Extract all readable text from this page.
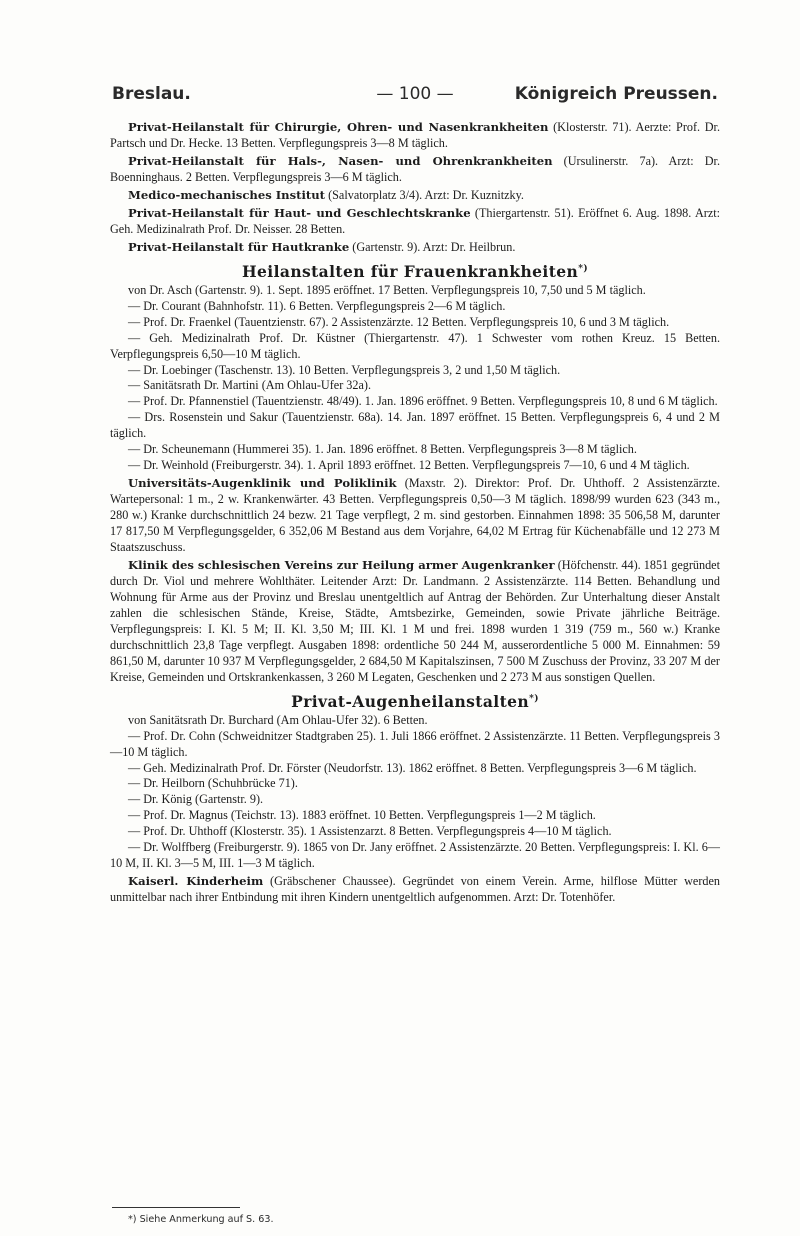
Breslau.	— 100 —	Königreich Preussen.

Privat-Heilanstalt für Chirurgie, Ohren- und Nasenkrankheiten (Klosterstr. 71). Aerzte: Prof. Dr. Partsch und Dr. Hecke. 13 Betten. Verpflegungspreis 3—8 M täglich.

Privat-Heilanstalt für Hals-, Nasen- und Ohrenkrankheiten (Ursulinerstr. 7a). Arzt: Dr. Boenninghaus. 2 Betten. Verpflegungspreis 3—6 M täglich.

Medico-mechanisches Institut (Salvatorplatz 3/4). Arzt: Dr. Kuznitzky.

Privat-Heilanstalt für Haut- und Geschlechtskranke (Thiergartenstr. 51). Eröffnet 6. Aug. 1898. Arzt: Geh. Medizinalrath Prof. Dr. Neisser. 28 Betten.

Privat-Heilanstalt für Hautkranke (Gartenstr. 9). Arzt: Dr. Heilbrun.

Heilanstalten für Frauenkrankheiten*)

von Dr. Asch (Gartenstr. 9). 1. Sept. 1895 eröffnet. 17 Betten. Verpflegungspreis 10, 7,50 und 5 M täglich.

— Dr. Courant (Bahnhofstr. 11). 6 Betten. Verpflegungspreis 2—6 M täglich.

— Prof. Dr. Fraenkel (Tauentzienstr. 67). 2 Assistenzärzte. 12 Betten. Verpflegungspreis 10, 6 und 3 M täglich.

— Geh. Medizinalrath Prof. Dr. Küstner (Thiergartenstr. 47). 1 Schwester vom rothen Kreuz. 15 Betten. Verpflegungspreis 6,50—10 M täglich.

— Dr. Loebinger (Taschenstr. 13). 10 Betten. Verpflegungspreis 3, 2 und 1,50 M täglich.

— Sanitätsrath Dr. Martini (Am Ohlau-Ufer 32a).

— Prof. Dr. Pfannenstiel (Tauentzienstr. 48/49). 1. Jan. 1896 eröffnet. 9 Betten. Verpflegungspreis 10, 8 und 6 M täglich.

— Drs. Rosenstein und Sakur (Tauentzienstr. 68a). 14. Jan. 1897 eröffnet. 15 Betten. Verpflegungspreis 6, 4 und 2 M täglich.

— Dr. Scheunemann (Hummerei 35). 1. Jan. 1896 eröffnet. 8 Betten. Verpflegungspreis 3—8 M täglich.

— Dr. Weinhold (Freiburgerstr. 34). 1. April 1893 eröffnet. 12 Betten. Verpflegungspreis 7—10, 6 und 4 M täglich.

Universitäts-Augenklinik und Poliklinik (Maxstr. 2). Direktor: Prof. Dr. Uhthoff. 2 Assistenzärzte. Wartepersonal: 1 m., 2 w. Krankenwärter. 43 Betten. Verpflegungspreis 0,50—3 M täglich. 1898/99 wurden 623 (343 m., 280 w.) Kranke durchschnittlich 24 bezw. 21 Tage verpflegt, 2 m. sind gestorben. Einnahmen 1898: 35 506,58 M, darunter 17 817,50 M Verpflegungsgelder, 6 352,06 M Bestand aus dem Vorjahre, 64,02 M Ertrag für Küchenabfälle und 12 273 M Staatszuschuss.

Klinik des schlesischen Vereins zur Heilung armer Augenkranker (Höfchenstr. 44). 1851 gegründet durch Dr. Viol und mehrere Wohlthäter. Leitender Arzt: Dr. Landmann. 2 Assistenzärzte. 114 Betten. Behandlung und Wohnung für Arme aus der Provinz und Breslau unentgeltlich auf Antrag der Behörden. Zur Unterhaltung dieser Anstalt zahlen die schlesischen Stände, Kreise, Städte, Amtsbezirke, Gemeinden, sowie Private jährliche Beiträge. Verpflegungspreis: I. Kl. 5 M; II. Kl. 3,50 M; III. Kl. 1 M und frei. 1898 wurden 1 319 (759 m., 560 w.) Kranke durchschnittlich 23,8 Tage verpflegt. Ausgaben 1898: ordentliche 50 244 M, ausserordentliche 5 000 M. Einnahmen: 59 861,50 M, darunter 10 937 M Verpflegungsgelder, 2 684,50 M Kapitalszinsen, 7 500 M Zuschuss der Provinz, 33 207 M der Kreise, Gemeinden und Ortskrankenkassen, 3 260 M Legaten, Geschenken und 2 273 M aus sonstigen Quellen.

Privat-Augenheilanstalten*)

von Sanitätsrath Dr. Burchard (Am Ohlau-Ufer 32). 6 Betten.

— Prof. Dr. Cohn (Schweidnitzer Stadtgraben 25). 1. Juli 1866 eröffnet. 2 Assistenzärzte. 11 Betten. Verpflegungspreis 3—10 M täglich.

— Geh. Medizinalrath Prof. Dr. Förster (Neudorfstr. 13). 1862 eröffnet. 8 Betten. Verpflegungspreis 3—6 M täglich.

— Dr. Heilborn (Schuhbrücke 71).

— Dr. König (Gartenstr. 9).

— Prof. Dr. Magnus (Teichstr. 13). 1883 eröffnet. 10 Betten. Verpflegungspreis 1—2 M täglich.

— Prof. Dr. Uhthoff (Klosterstr. 35). 1 Assistenzarzt. 8 Betten. Verpflegungspreis 4—10 M täglich.

— Dr. Wolffberg (Freiburgerstr. 9). 1865 von Dr. Jany eröffnet. 2 Assistenzärzte. 20 Betten. Verpflegungspreis: I. Kl. 6—10 M, II. Kl. 3—5 M, III. 1—3 M täglich.

Kaiserl. Kinderheim (Gräbschener Chaussee). Gegründet von einem Verein. Arme, hilflose Mütter werden unmittelbar nach ihrer Entbindung mit ihren Kindern unentgeltlich aufgenommen. Arzt: Dr. Totenhöfer.

*) Siehe Anmerkung auf S. 63.
